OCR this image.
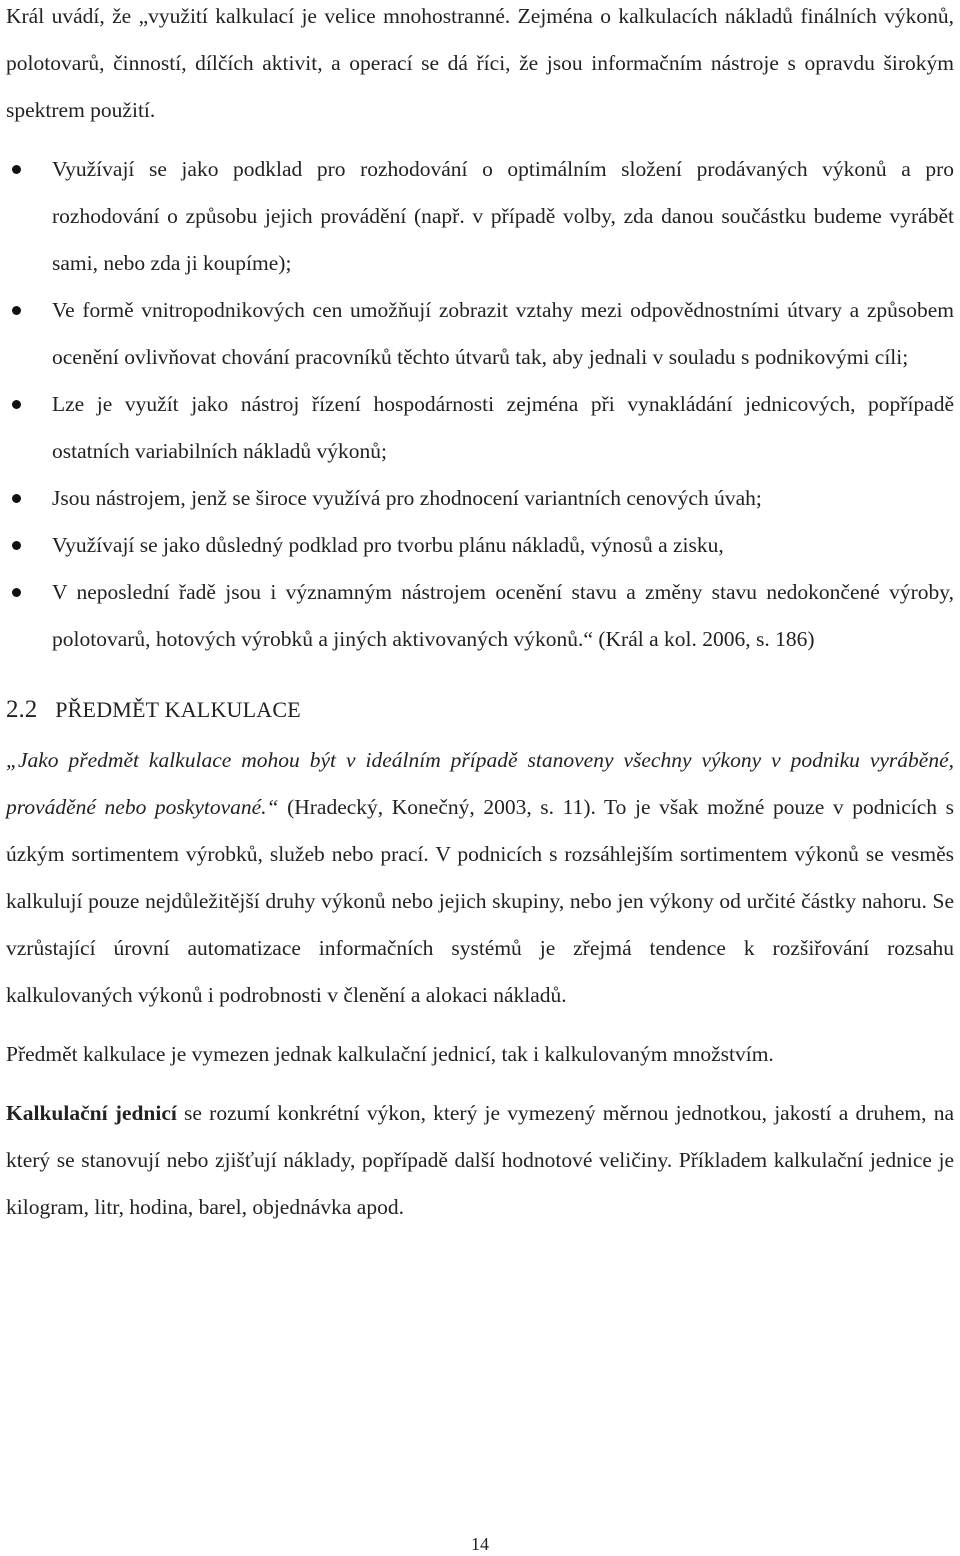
Král uvádí, že „využití kalkulací je velice mnohostranné. Zejména o kalkulacích nákladů finálních výkonů, polotovarů, činností, dílčích aktivit, a operací se dá říci, že jsou informačním nástroje s opravdu širokým spektrem použití.

Využívají se jako podklad pro rozhodování o optimálním složení prodávaných výkonů a pro rozhodování o způsobu jejich provádění (např. v případě volby, zda danou součástku budeme vyrábět sami, nebo zda ji koupíme);
Ve formě vnitropodnikových cen umožňují zobrazit vztahy mezi odpovědnostními útvary a způsobem ocenění ovlivňovat chování pracovníků těchto útvarů tak, aby jednali v souladu s podnikovými cíli;
Lze je využít jako nástroj řízení hospodárnosti zejména při vynakládání jednicových, popřípadě ostatních variabilních nákladů výkonů;
Jsou nástrojem, jenž se široce využívá pro zhodnocení variantních cenových úvah;
Využívají se jako důsledný podklad pro tvorbu plánu nákladů, výnosů a zisku,
V neposlední řadě jsou i významným nástrojem ocenění stavu a změny stavu nedokončené výroby, polotovarů, hotových výrobků a jiných aktivovaných výkonů.“ (Král a kol. 2006, s. 186)
2.2 PŘEDMĚT KALKULACE

„Jako předmět kalkulace mohou být v ideálním případě stanoveny všechny výkony v podniku vyráběné, prováděné nebo poskytované.“ (Hradecký, Konečný, 2003, s. 11). To je však možné pouze v podnicích s úzkým sortimentem výrobků, služeb nebo prací. V podnicích s rozsáhlejším sortimentem výkonů se vesměs kalkulují pouze nejdůležitější druhy výkonů nebo jejich skupiny, nebo jen výkony od určité částky nahoru. Se vzrůstající úrovní automatizace informačních systémů je zřejmá tendence k rozšiřování rozsahu kalkulovaných výkonů i podrobnosti v členění a alokaci nákladů.

Předmět kalkulace je vymezen jednak kalkulační jednicí, tak i kalkulovaným množstvím.

Kalkulační jednicí se rozumí konkrétní výkon, který je vymezený měrnou jednotkou, jakostí a druhem, na který se stanovují nebo zjišťují náklady, popřípadě další hodnotové veličiny. Příkladem kalkulační jednice je kilogram, litr, hodina, barel, objednávka apod.

14
